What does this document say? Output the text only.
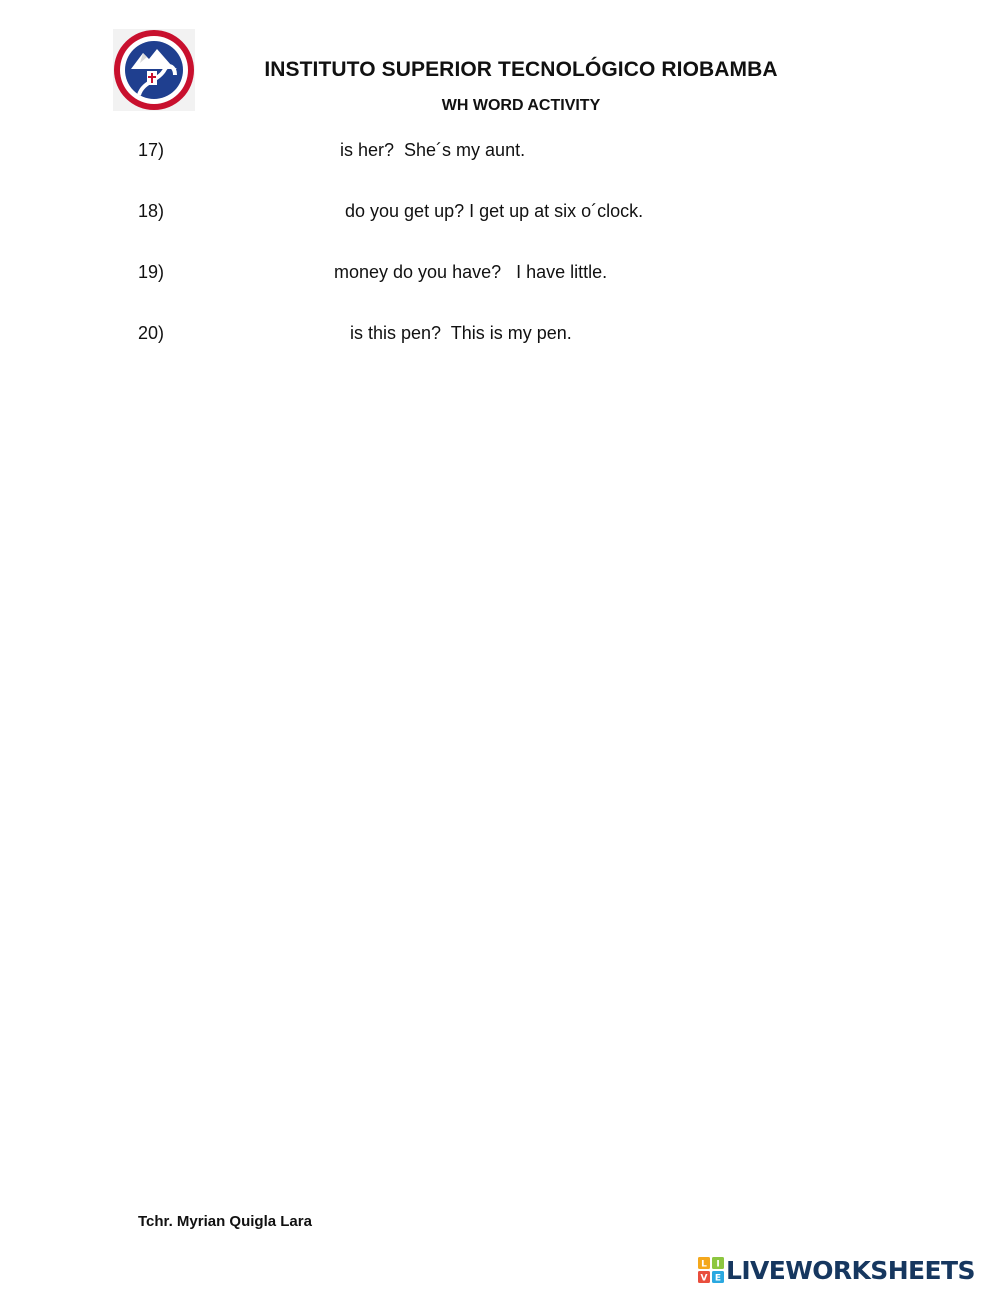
INSTITUTO SUPERIOR TECNOLÓGICO RIOBAMBA
WH WORD ACTIVITY
17)	is her?  She´s my aunt.
18)	do you get up? I get up at six o´clock.
19)	money do you have?   I have little.
20)	is this pen?  This is my pen.
Tchr. Myrian Quigla Lara
L I
V E LIVEWORKSHEETS
